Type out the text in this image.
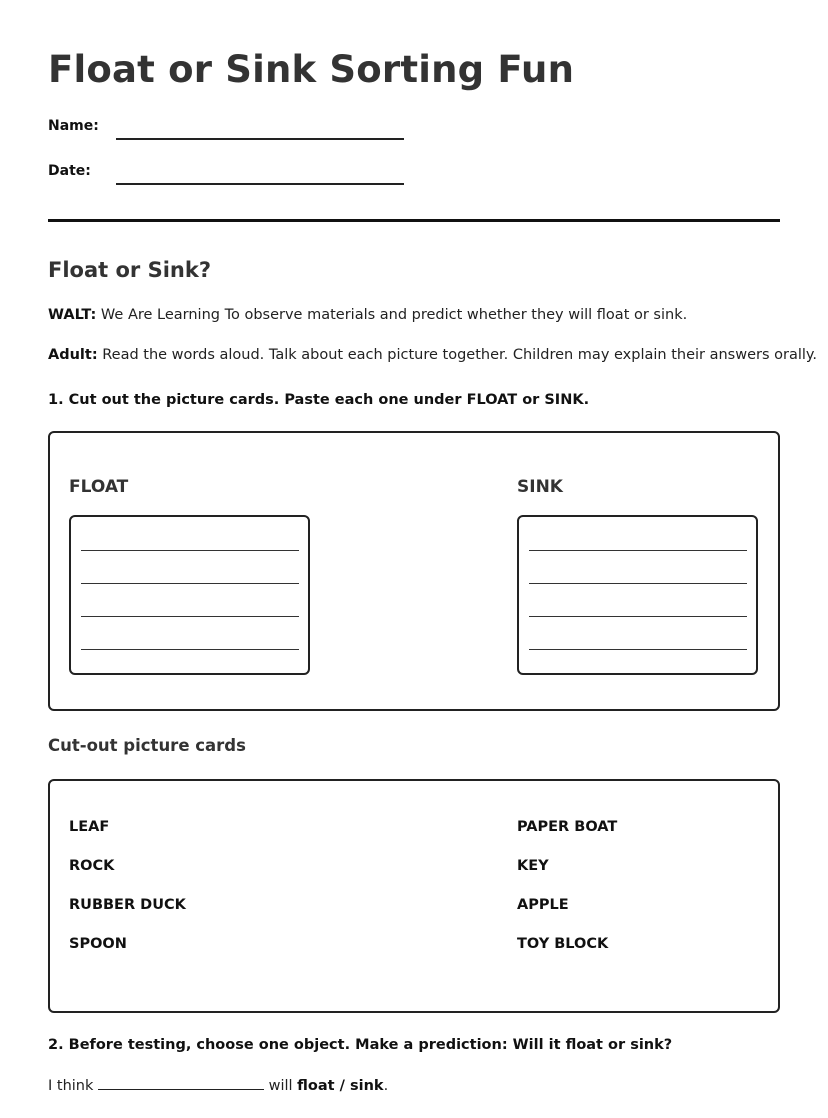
Float or Sink Sorting Fun
Name:
Date:
Float or Sink?

WALT: We Are Learning To observe materials and predict whether they will float or sink.

Adult: Read the words aloud. Talk about each picture together. Children may explain their answers orally.

1. Cut out the picture cards. Paste each one under FLOAT or SINK.

FLOAT	SINK

Cut-out picture cards

LEAF
ROCK
RUBBER DUCK
SPOON
PAPER BOAT
KEY
APPLE
TOY BLOCK

2. Before testing, choose one object. Make a prediction: Will it float or sink?

I think	will float / sink.
